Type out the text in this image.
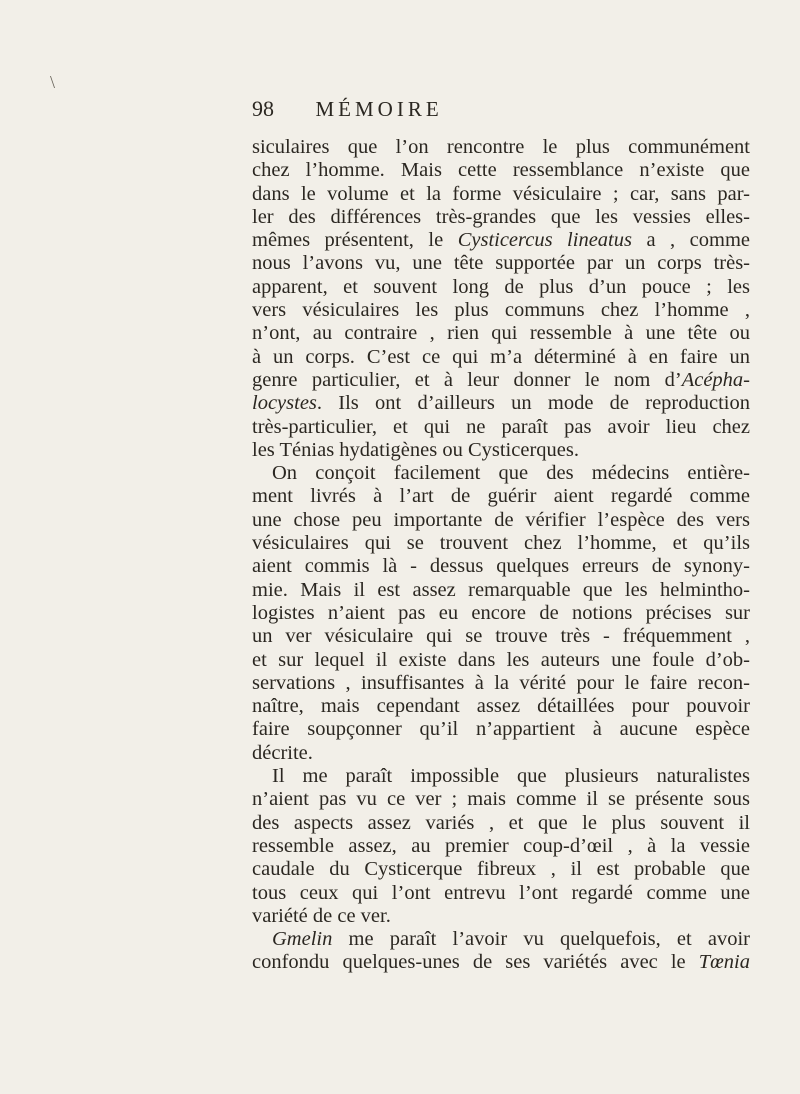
98 MÉMOIRE
siculaires que l’on rencontre le plus communément
chez l’homme. Mais cette ressemblance n’existe que
dans le volume et la forme vésiculaire ; car, sans par-
ler des différences très-grandes que les vessies elles-
mêmes présentent, le Cysticercus lineatus a , comme
nous l’avons vu, une tête supportée par un corps très-
apparent, et souvent long de plus d’un pouce ; les
vers vésiculaires les plus communs chez l’homme ,
n’ont, au contraire , rien qui ressemble à une tête ou
à un corps. C’est ce qui m’a déterminé à en faire un
genre particulier, et à leur donner le nom d’Acépha-
locystes. Ils ont d’ailleurs un mode de reproduction
très-particulier, et qui ne paraît pas avoir lieu chez
les Ténias hydatigènes ou Cysticerques.
On conçoit facilement que des médecins entière-
ment livrés à l’art de guérir aient regardé comme
une chose peu importante de vérifier l’espèce des vers
vésiculaires qui se trouvent chez l’homme, et qu’ils
aient commis là - dessus quelques erreurs de synony-
mie. Mais il est assez remarquable que les helmintho-
logistes n’aient pas eu encore de notions précises sur
un ver vésiculaire qui se trouve très - fréquemment ,
et sur lequel il existe dans les auteurs une foule d’ob-
servations , insuffisantes à la vérité pour le faire recon-
naître, mais cependant assez détaillées pour pouvoir
faire soupçonner qu’il n’appartient à aucune espèce
décrite.
Il me paraît impossible que plusieurs naturalistes
n’aient pas vu ce ver ; mais comme il se présente sous
des aspects assez variés , et que le plus souvent il
ressemble assez, au premier coup-d’œil , à la vessie
caudale du Cysticerque fibreux , il est probable que
tous ceux qui l’ont entrevu l’ont regardé comme une
variété de ce ver.
Gmelin me paraît l’avoir vu quelquefois, et avoir
confondu quelques-unes de ses variétés avec le Tœnia
\
